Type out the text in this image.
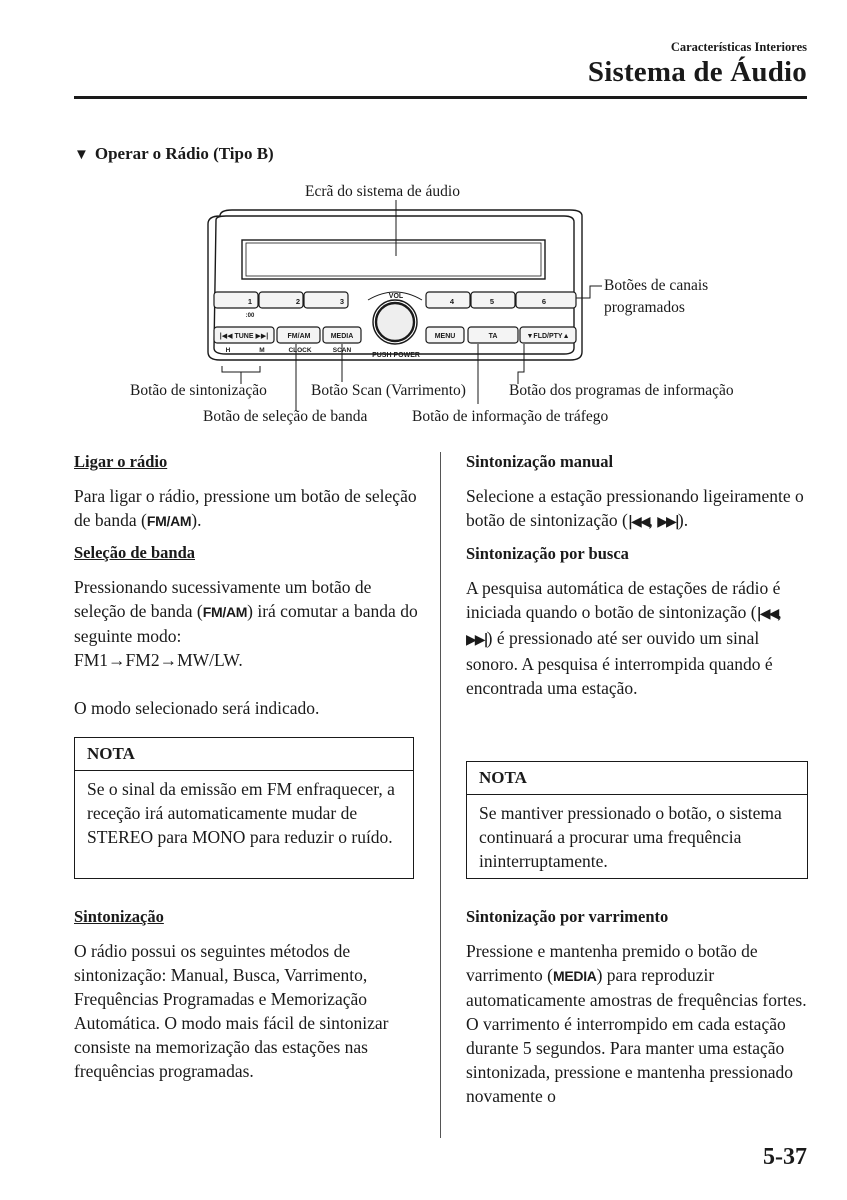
Características Interiores
Sistema de Áudio
▼ Operar o Rádio (Tipo B)
1
:00
2	3	4	5	6
VOL
PUSH POWER
|◀◀ TUNE ▶▶|
H	M
FM/AM
CLOCK
MEDIA
SCAN
MENU	TA	▼FLD/PTY▲
Ecrã do sistema de áudio
Botões de canais
programados
Botão de sintonização	Botão Scan (Varrimento)	Botão dos programas de informação
Botão de seleção de banda	Botão de informação de tráfego

Ligar o rádio

Para ligar o rádio, pressione um botão de seleção de banda (FM/AM).

Seleção de banda

Pressionando sucessivamente um botão de seleção de banda (FM/AM) irá comutar a banda do seguinte modo:

FM1→FM2→MW/LW.

O modo selecionado será indicado.

NOTA
Se o sinal da emissão em FM enfraquecer, a receção irá automaticamente mudar de STEREO para MONO para reduzir o ruído.

Sintonização

O rádio possui os seguintes métodos de sintonização: Manual, Busca, Varrimento, Frequências Programadas e Memorização Automática. O modo mais fácil de sintonizar consiste na memorização das estações nas frequências programadas.

Sintonização manual

Selecione a estação pressionando ligeiramente o botão de sintonização (|◀◀, ▶▶|).

Sintonização por busca

A pesquisa automática de estações de rádio é iniciada quando o botão de sintonização (|◀◀, ▶▶|) é pressionado até ser ouvido um sinal sonoro. A pesquisa é interrompida quando é encontrada uma estação.

NOTA
Se mantiver pressionado o botão, o sistema continuará a procurar uma frequência ininterruptamente.

Sintonização por varrimento

Pressione e mantenha premido o botão de varrimento (MEDIA) para reproduzir automaticamente amostras de frequências fortes. O varrimento é interrompido em cada estação durante 5 segundos. Para manter uma estação sintonizada, pressione e mantenha pressionado novamente o

5-37
